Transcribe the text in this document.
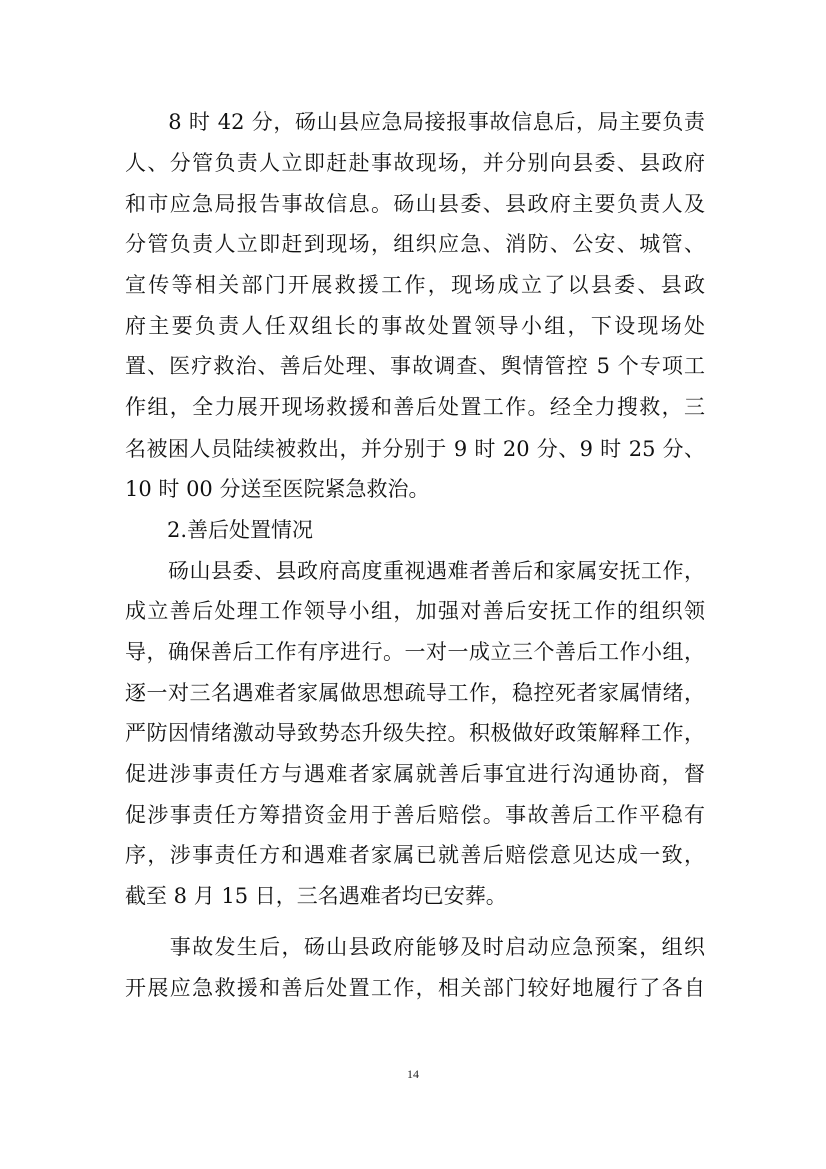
　　8 时 42 分，砀山县应急局接报事故信息后，局主要负责
人、分管负责人立即赶赴事故现场，并分别向县委、县政府
和市应急局报告事故信息。砀山县委、县政府主要负责人及
分管负责人立即赶到现场，组织应急、消防、公安、城管、
宣传等相关部门开展救援工作，现场成立了以县委、县政
府主要负责人任双组长的事故处置领导小组，下设现场处
置、医疗救治、善后处理、事故调查、舆情管控 5 个专项工
作组，全力展开现场救援和善后处置工作。经全力搜救，三
名被困人员陆续被救出，并分别于 9 时 20 分、9 时 25 分、
10 时 00 分送至医院紧急救治。
　　2.善后处置情况
　　砀山县委、县政府高度重视遇难者善后和家属安抚工作，
成立善后处理工作领导小组，加强对善后安抚工作的组织领
导，确保善后工作有序进行。一对一成立三个善后工作小组，
逐一对三名遇难者家属做思想疏导工作，稳控死者家属情绪，
严防因情绪激动导致势态升级失控。积极做好政策解释工作，
促进涉事责任方与遇难者家属就善后事宜进行沟通协商，督
促涉事责任方筹措资金用于善后赔偿。事故善后工作平稳有
序，涉事责任方和遇难者家属已就善后赔偿意见达成一致，
截至 8 月 15 日，三名遇难者均已安葬。
　　事故发生后，砀山县政府能够及时启动应急预案，组织
开展应急救援和善后处置工作，相关部门较好地履行了各自
14
